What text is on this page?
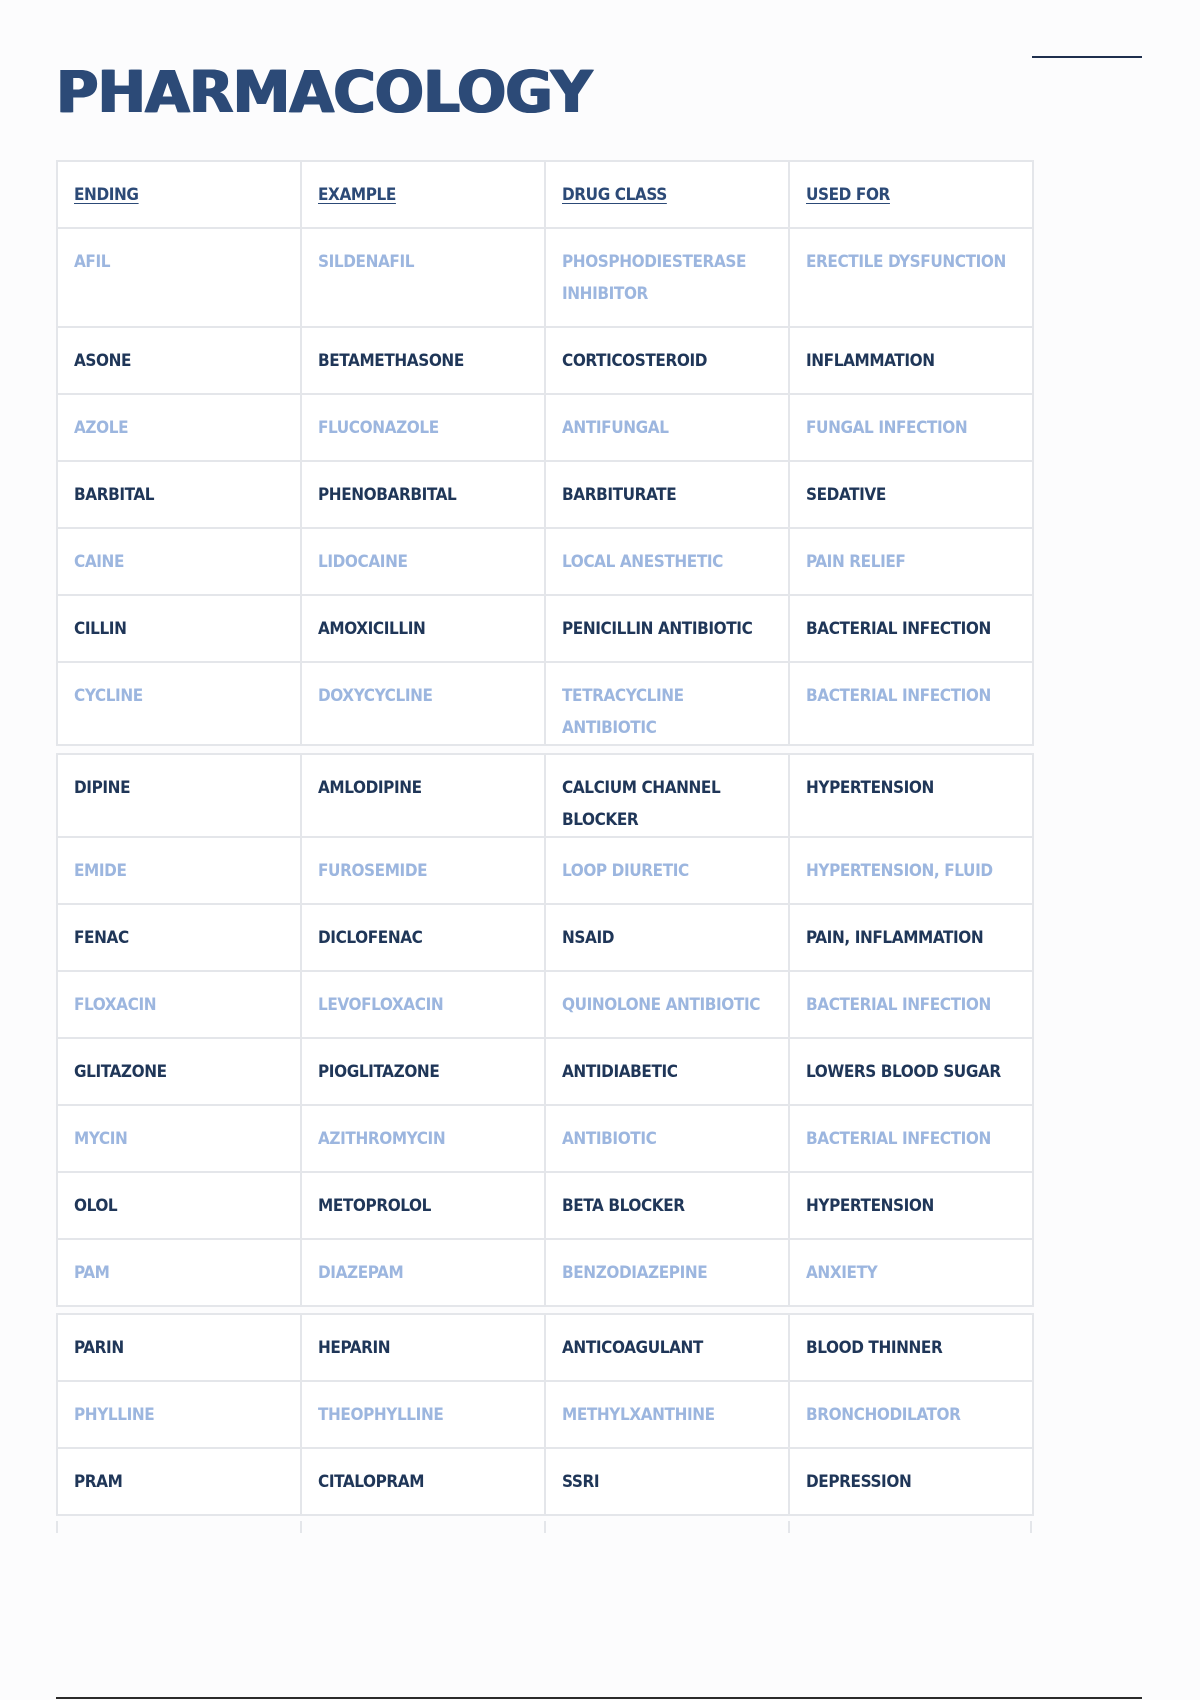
PHARMACOLOGY
ENDING	EXAMPLE	DRUG CLASS	USED FOR
AFIL	SILDENAFIL	PHOSPHODIESTERASE INHIBITOR	ERECTILE DYSFUNCTION
ASONE	BETAMETHASONE	CORTICOSTEROID	INFLAMMATION
AZOLE	FLUCONAZOLE	ANTIFUNGAL	FUNGAL INFECTION
BARBITAL	PHENOBARBITAL	BARBITURATE	SEDATIVE
CAINE	LIDOCAINE	LOCAL ANESTHETIC	PAIN RELIEF
CILLIN	AMOXICILLIN	PENICILLIN ANTIBIOTIC	BACTERIAL INFECTION
CYCLINE	DOXYCYCLINE	TETRACYCLINE ANTIBIOTIC	BACTERIAL INFECTION
DIPINE	AMLODIPINE	CALCIUM CHANNEL BLOCKER	HYPERTENSION
EMIDE	FUROSEMIDE	LOOP DIURETIC	HYPERTENSION, FLUID
FENAC	DICLOFENAC	NSAID	PAIN, INFLAMMATION
FLOXACIN	LEVOFLOXACIN	QUINOLONE ANTIBIOTIC	BACTERIAL INFECTION
GLITAZONE	PIOGLITAZONE	ANTIDIABETIC	LOWERS BLOOD SUGAR
MYCIN	AZITHROMYCIN	ANTIBIOTIC	BACTERIAL INFECTION
OLOL	METOPROLOL	BETA BLOCKER	HYPERTENSION
PAM	DIAZEPAM	BENZODIAZEPINE	ANXIETY
PARIN	HEPARIN	ANTICOAGULANT	BLOOD THINNER
PHYLLINE	THEOPHYLLINE	METHYLXANTHINE	BRONCHODILATOR
PRAM	CITALOPRAM	SSRI	DEPRESSION
